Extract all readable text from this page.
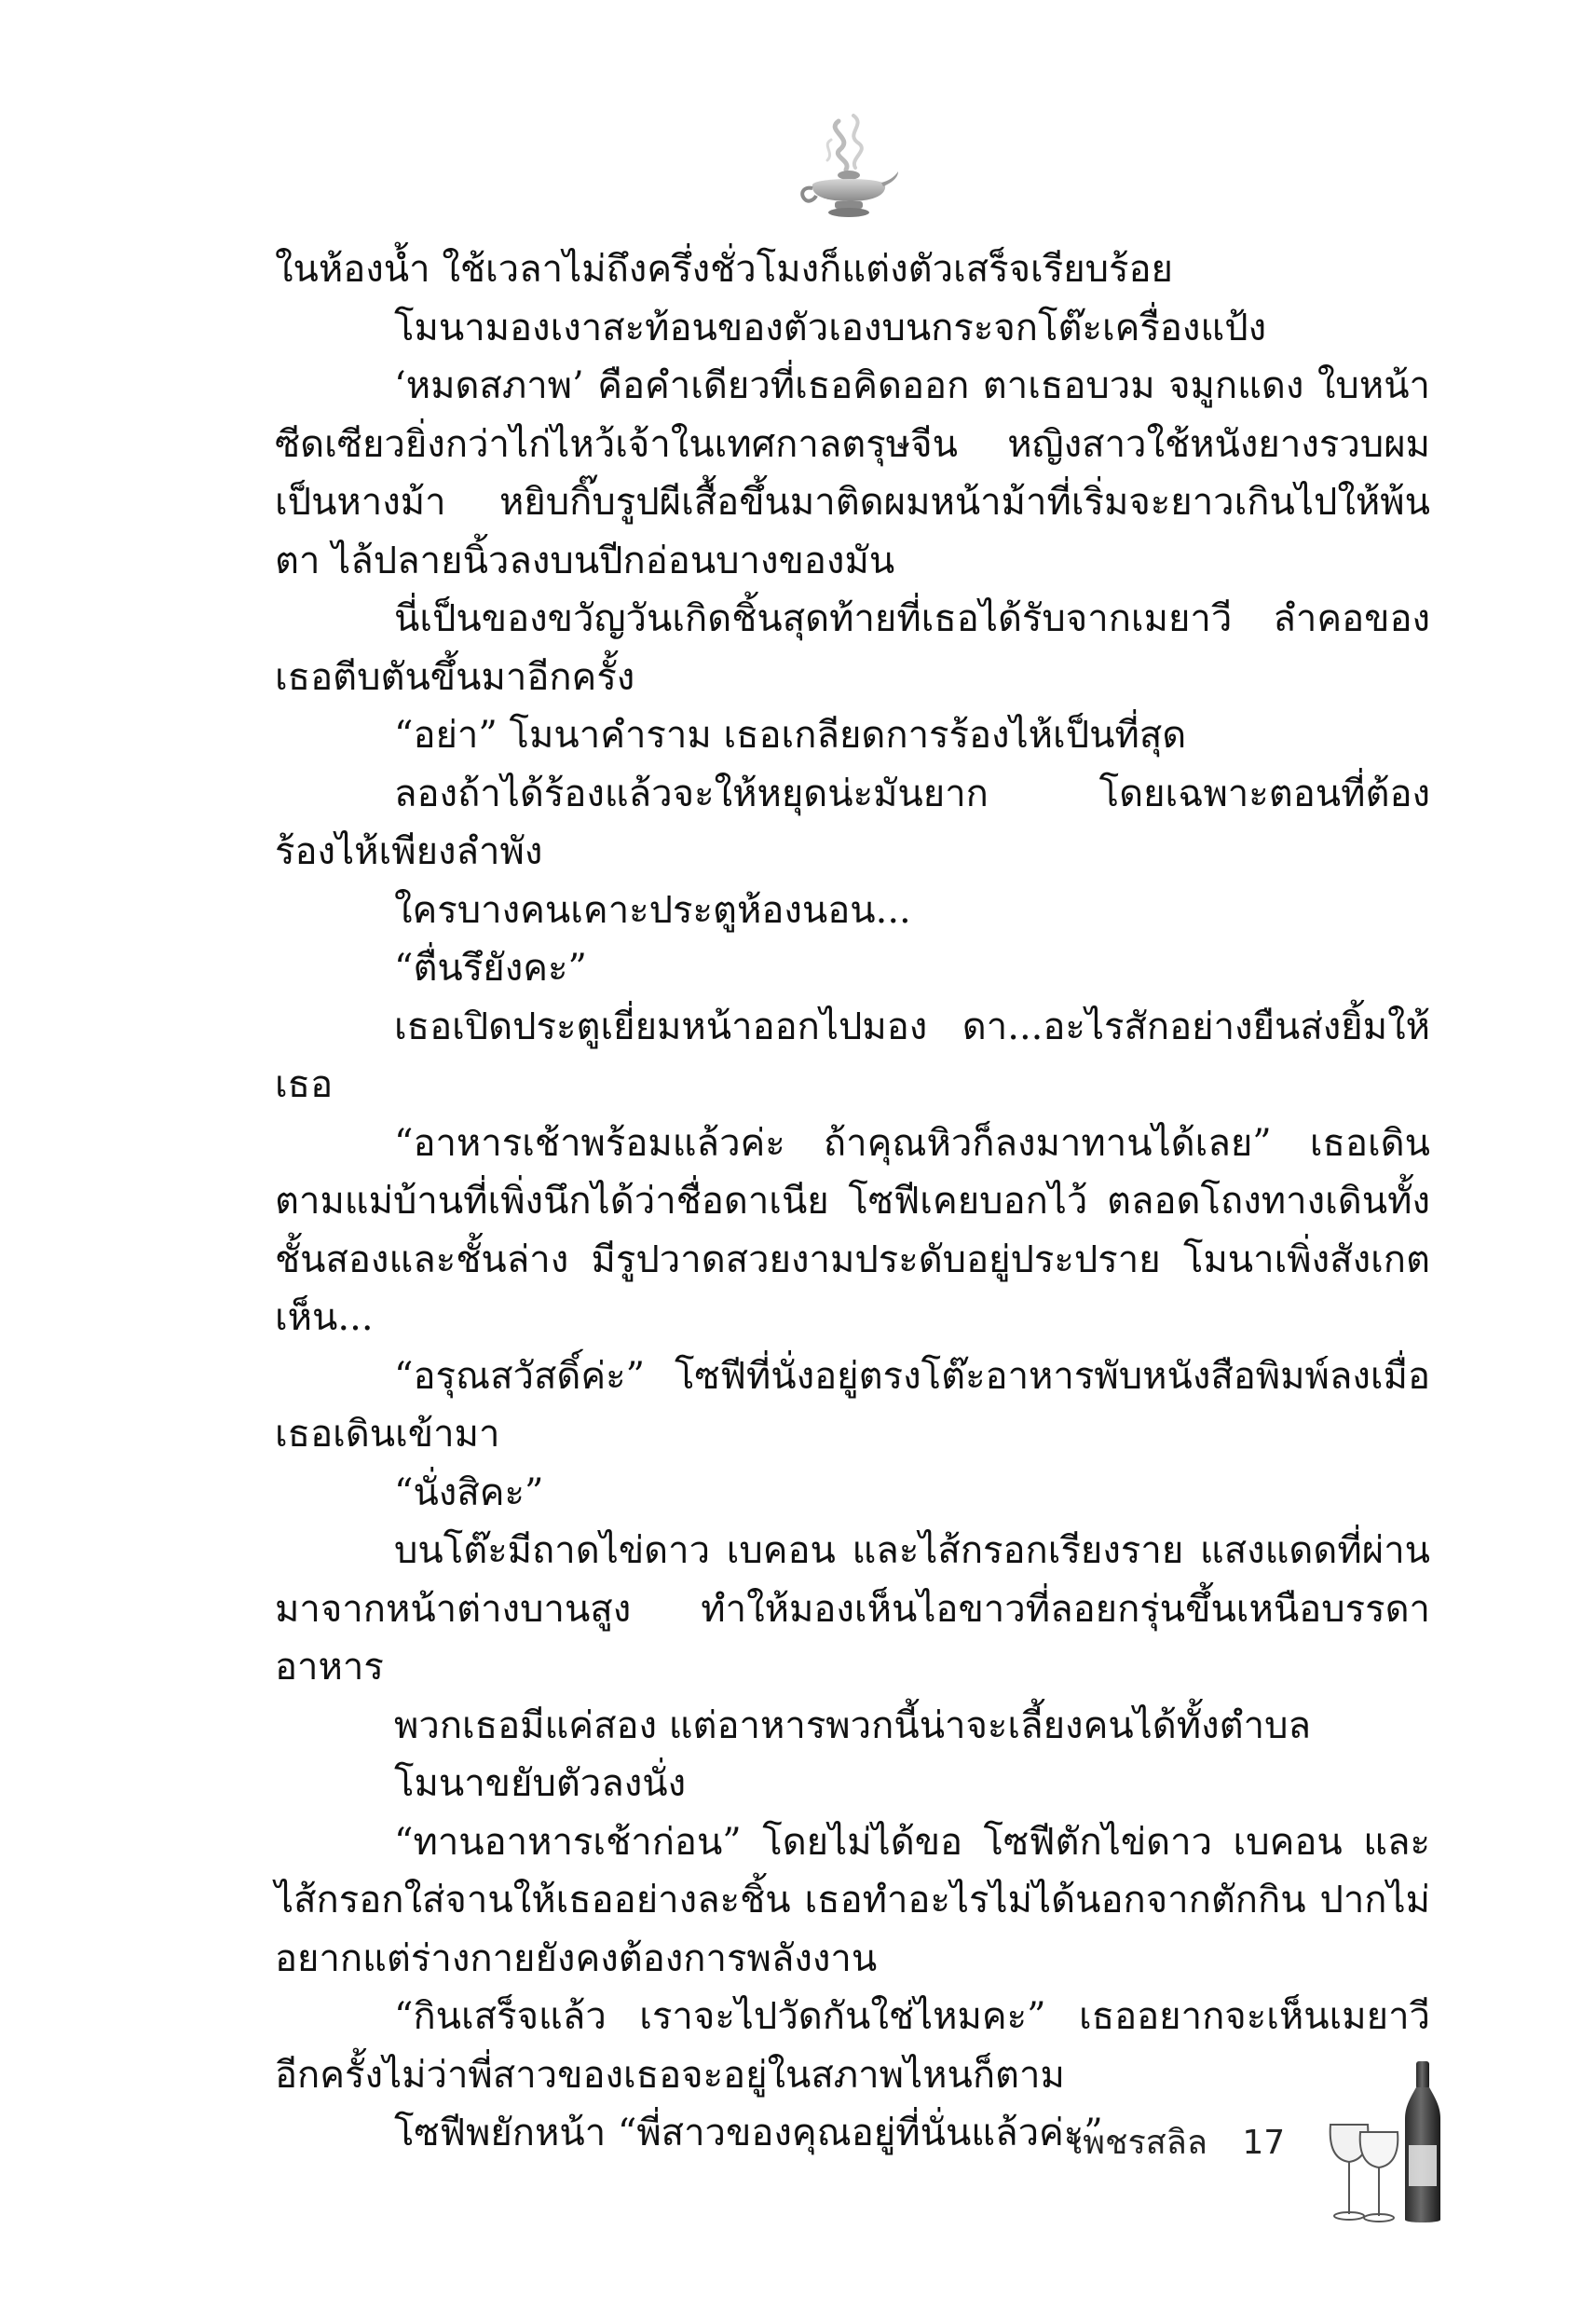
ในห้องน้ำ ใช้เวลาไม่ถึงครึ่งชั่วโมงก็แต่งตัวเสร็จเรียบร้อย

โมนามองเงาสะท้อนของตัวเองบนกระจกโต๊ะเครื่องแป้ง

‘หมดสภาพ’ คือคำเดียวที่เธอคิดออก ตาเธอบวม จมูกแดง ใบหน้าซีดเซียวยิ่งกว่าไก่ไหว้เจ้าในเทศกาลตรุษจีน หญิงสาวใช้หนังยางรวบผมเป็นหางม้า หยิบกิ๊บรูปผีเสื้อขึ้นมาติดผมหน้าม้าที่เริ่มจะยาวเกินไปให้พ้นตา ไล้ปลายนิ้วลงบนปีกอ่อนบางของมัน

นี่เป็นของขวัญวันเกิดชิ้นสุดท้ายที่เธอได้รับจากเมยาวี ลำคอของเธอตีบตันขึ้นมาอีกครั้ง

“อย่า” โมนาคำราม เธอเกลียดการร้องไห้เป็นที่สุด

ลองถ้าได้ร้องแล้วจะให้หยุดน่ะมันยาก โดยเฉพาะตอนที่ต้องร้องไห้เพียงลำพัง

ใครบางคนเคาะประตูห้องนอน...

“ตื่นรึยังคะ”

เธอเปิดประตูเยี่ยมหน้าออกไปมอง ดา...อะไรสักอย่างยืนส่งยิ้มให้เธอ

“อาหารเช้าพร้อมแล้วค่ะ ถ้าคุณหิวก็ลงมาทานได้เลย” เธอเดินตามแม่บ้านที่เพิ่งนึกได้ว่าชื่อดาเนีย โซฟีเคยบอกไว้ ตลอดโถงทางเดินทั้งชั้นสองและชั้นล่าง มีรูปวาดสวยงามประดับอยู่ประปราย โมนาเพิ่งสังเกตเห็น...

“อรุณสวัสดิ์ค่ะ” โซฟีที่นั่งอยู่ตรงโต๊ะอาหารพับหนังสือพิมพ์ลงเมื่อเธอเดินเข้ามา

“นั่งสิคะ”

บนโต๊ะมีถาดไข่ดาว เบคอน และไส้กรอกเรียงราย แสงแดดที่ผ่านมาจากหน้าต่างบานสูง ทำให้มองเห็นไอขาวที่ลอยกรุ่นขึ้นเหนือบรรดาอาหาร

พวกเธอมีแค่สอง แต่อาหารพวกนี้น่าจะเลี้ยงคนได้ทั้งตำบล

โมนาขยับตัวลงนั่ง

“ทานอาหารเช้าก่อน” โดยไม่ได้ขอ โซฟีตักไข่ดาว เบคอน และไส้กรอกใส่จานให้เธออย่างละชิ้น เธอทำอะไรไม่ได้นอกจากตักกิน ปากไม่อยากแต่ร่างกายยังคงต้องการพลังงาน

“กินเสร็จแล้ว เราจะไปวัดกันใช่ไหมคะ” เธออยากจะเห็นเมยาวีอีกครั้งไม่ว่าพี่สาวของเธอจะอยู่ในสภาพไหนก็ตาม

โซฟีพยักหน้า “พี่สาวของคุณอยู่ที่นั่นแล้วค่ะ”

เพชรสลิล 17
